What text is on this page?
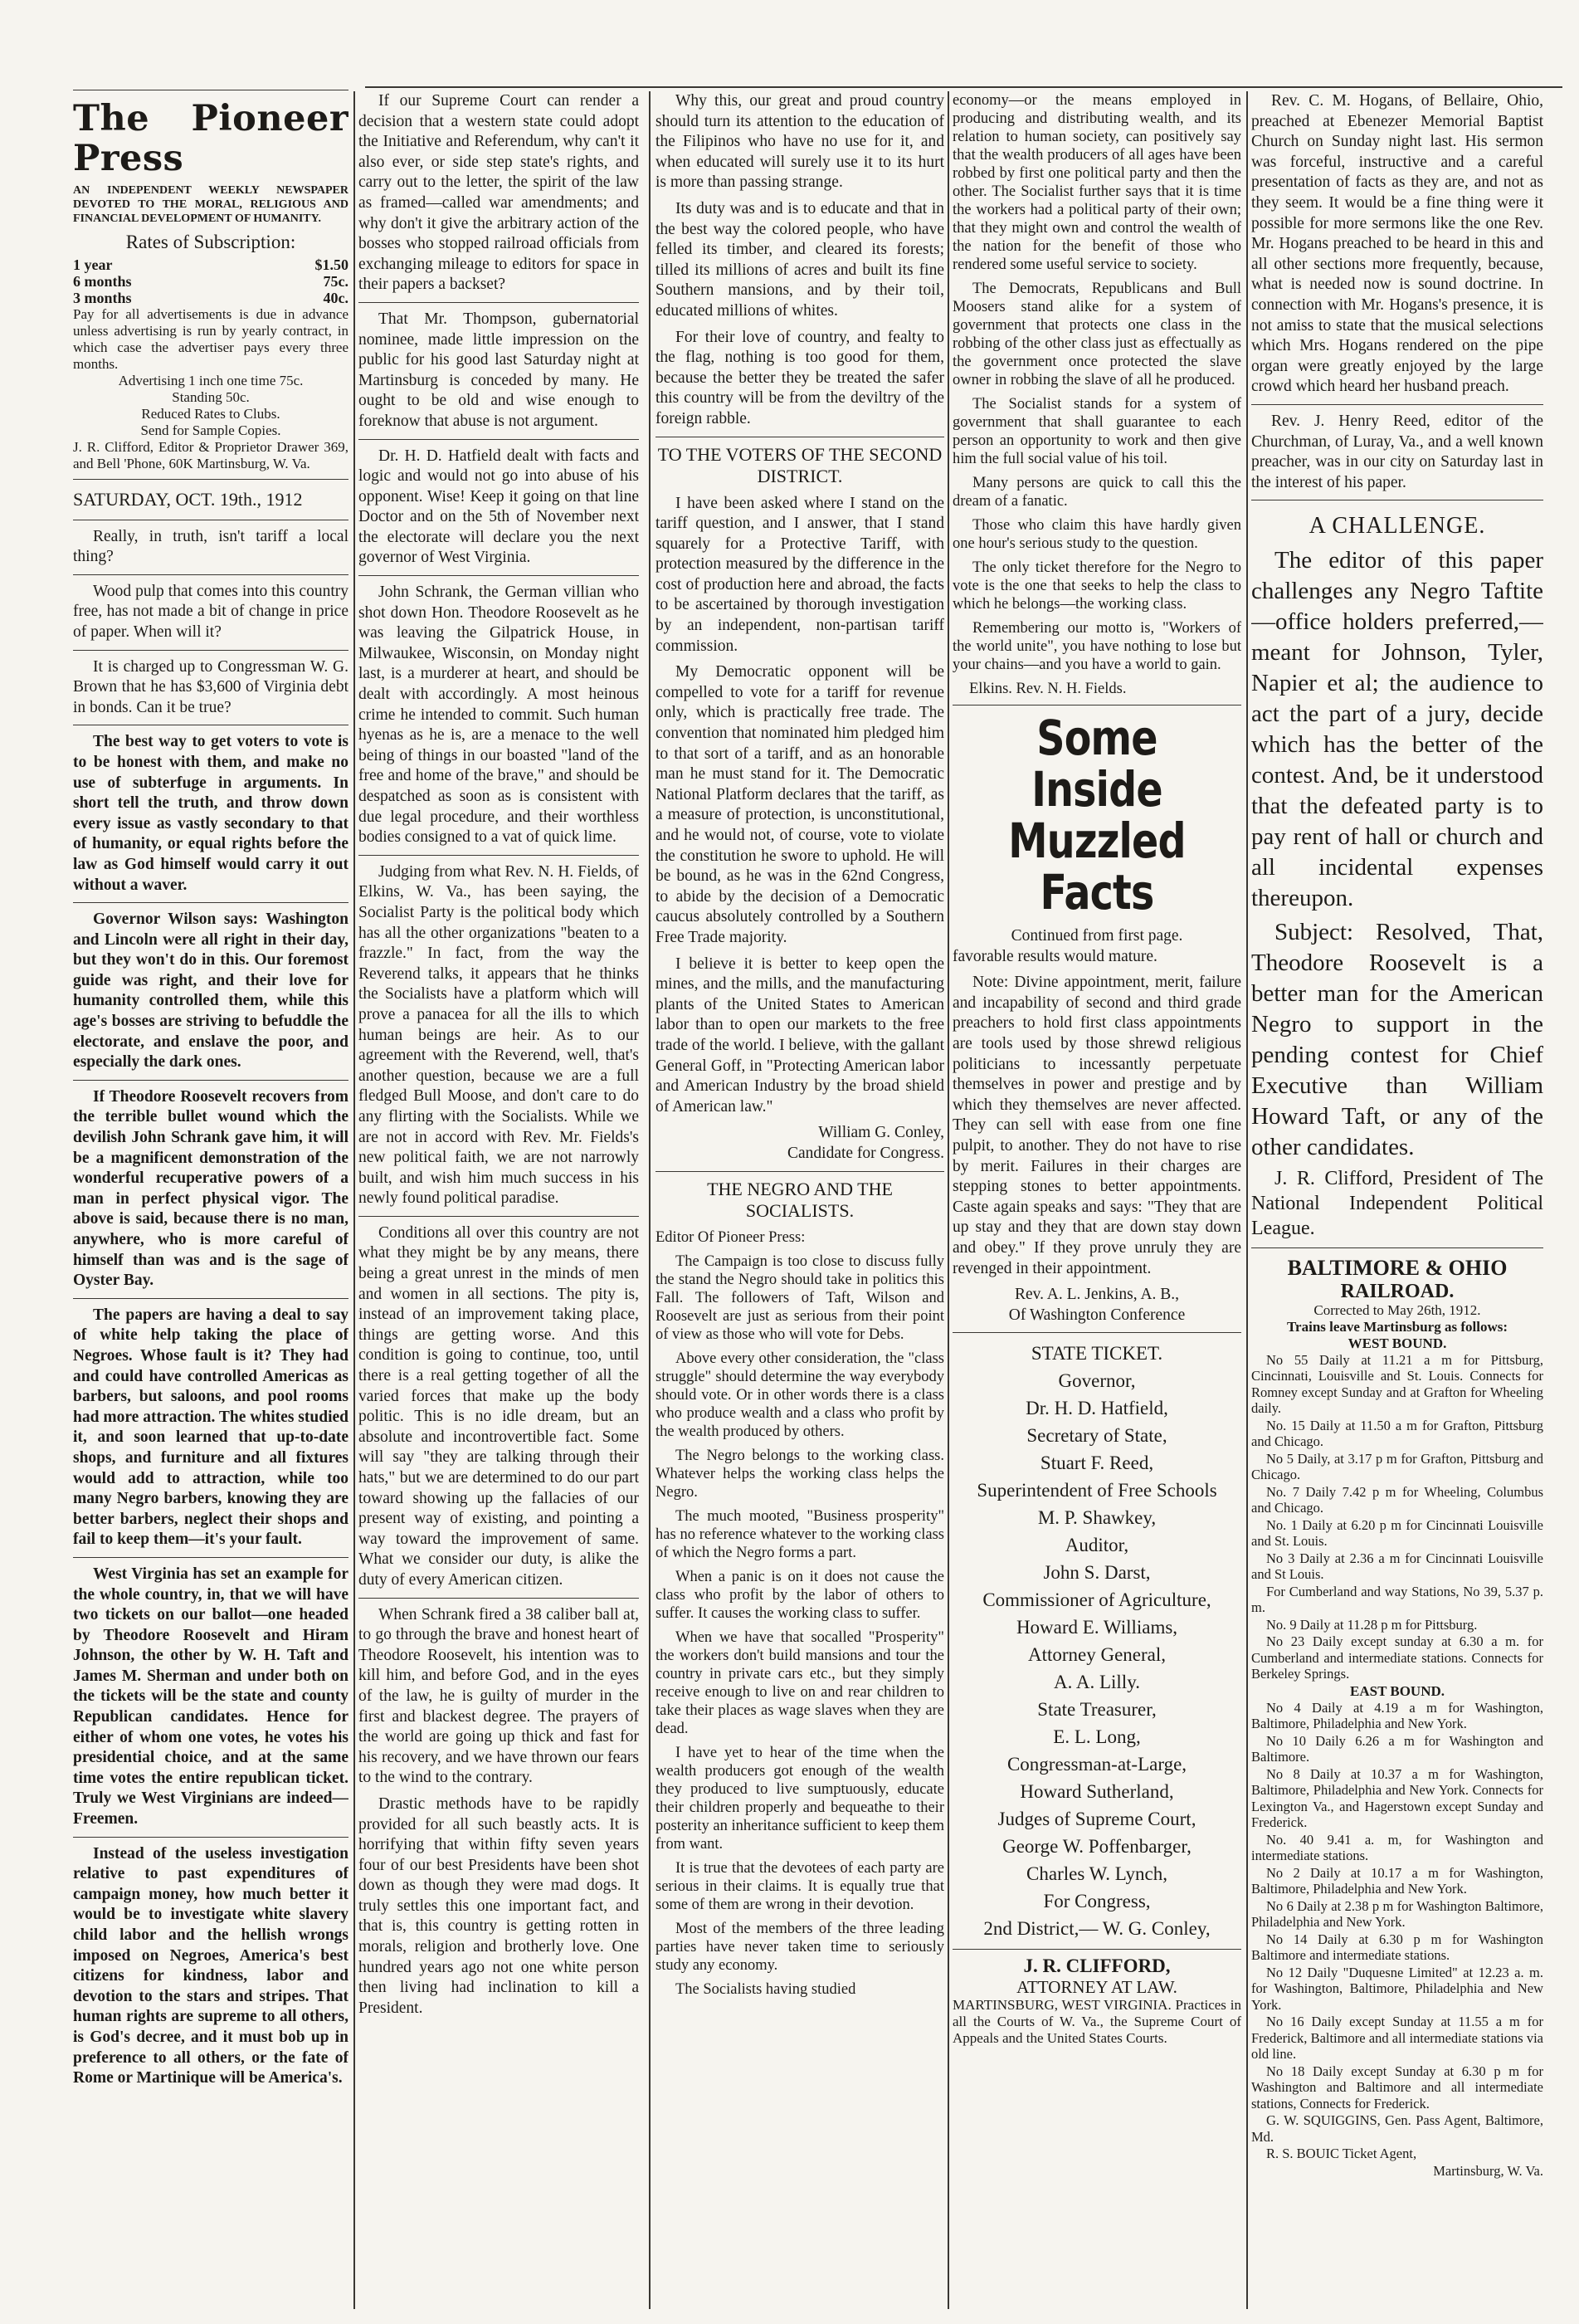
The Pioneer Press
AN INDEPENDENT WEEKLY NEWSPAPER DEVOTED TO THE MORAL, RELIGIOUS AND FINANCIAL DEVELOPMENT OF HUMANITY.
Rates of Subscription:
1 year	$1.50
6 months	75c.
3 months	40c.
Pay for all advertisements is due in advance unless advertising is run by yearly contract, in which case the advertiser pays every three months.
Advertising 1 inch one time 75c.
Standing 50c.
Reduced Rates to Clubs.
Send for Sample Copies.
J. R. Clifford, Editor & Proprietor Drawer 369, and Bell 'Phone, 60K Martinsburg, W. Va.
SATURDAY, OCT. 19th., 1912

Really, in truth, isn't tariff a local thing?

Wood pulp that comes into this country free, has not made a bit of change in price of paper. When will it?

It is charged up to Congressman W. G. Brown that he has $3,600 of Virginia debt in bonds. Can it be true?

The best way to get voters to vote is to be honest with them, and make no use of subterfuge in arguments. In short tell the truth, and throw down every issue as vastly secondary to that of humanity, or equal rights before the law as God himself would carry it out without a waver.

Governor Wilson says: Washington and Lincoln were all right in their day, but they won't do in this. Our foremost guide was right, and their love for humanity controlled them, while this age's bosses are striving to befuddle the electorate, and enslave the poor, and especially the dark ones.

If Theodore Roosevelt recovers from the terrible bullet wound which the devilish John Schrank gave him, it will be a magnificent demonstration of the wonderful recuperative powers of a man in perfect physical vigor. The above is said, because there is no man, anywhere, who is more careful of himself than was and is the sage of Oyster Bay.

The papers are having a deal to say of white help taking the place of Negroes. Whose fault is it? They had and could have controlled Americas as barbers, but saloons, and pool rooms had more attraction. The whites studied it, and soon learned that up-to-date shops, and furniture and all fixtures would add to attraction, while too many Negro barbers, knowing they are better barbers, neglect their shops and fail to keep them—it's your fault.

West Virginia has set an example for the whole country, in, that we will have two tickets on our ballot—one headed by Theodore Roosevelt and Hiram Johnson, the other by W. H. Taft and James M. Sherman and under both on the tickets will be the state and county Republican candidates. Hence for either of whom one votes, he votes his presidential choice, and at the same time votes the entire republican ticket. Truly we West Virginians are indeed—Freemen.

Instead of the useless investigation relative to past expenditures of campaign money, how much better it would be to investigate white slavery child labor and the hellish wrongs imposed on Negroes, America's best citizens for kindness, labor and devotion to the stars and stripes. That human rights are supreme to all others, is God's decree, and it must bob up in preference to all others, or the fate of Rome or Martinique will be America's.

If our Supreme Court can render a decision that a western state could adopt the Initiative and Referendum, why can't it also ever, or side step state's rights, and carry out to the letter, the spirit of the law as framed—called war amendments; and why don't it give the arbitrary action of the bosses who stopped railroad officials from exchanging mileage to editors for space in their papers a backset?

That Mr. Thompson, gubernatorial nominee, made little impression on the public for his good last Saturday night at Martinsburg is conceded by many. He ought to be old and wise enough to foreknow that abuse is not argument.

Dr. H. D. Hatfield dealt with facts and logic and would not go into abuse of his opponent. Wise! Keep it going on that line Doctor and on the 5th of November next the electorate will declare you the next governor of West Virginia.

John Schrank, the German villian who shot down Hon. Theodore Roosevelt as he was leaving the Gilpatrick House, in Milwaukee, Wisconsin, on Monday night last, is a murderer at heart, and should be dealt with accordingly. A most heinous crime he intended to commit. Such human hyenas as he is, are a menace to the well being of things in our boasted "land of the free and home of the brave," and should be despatched as soon as is consistent with due legal procedure, and their worthless bodies consigned to a vat of quick lime.

Judging from what Rev. N. H. Fields, of Elkins, W. Va., has been saying, the Socialist Party is the political body which has all the other organizations "beaten to a frazzle." In fact, from the way the Reverend talks, it appears that he thinks the Socialists have a platform which will prove a panacea for all the ills to which human beings are heir. As to our agreement with the Reverend, well, that's another question, because we are a full fledged Bull Moose, and don't care to do any flirting with the Socialists. While we are not in accord with Rev. Mr. Fields's new political faith, we are not narrowly built, and wish him much success in his newly found political paradise.

Conditions all over this country are not what they might be by any means, there being a great unrest in the minds of men and women in all sections. The pity is, instead of an improvement taking place, things are getting worse. And this condition is going to continue, too, until there is a real getting together of all the varied forces that make up the body politic. This is no idle dream, but an absolute and incontrovertible fact. Some will say "they are talking through their hats," but we are determined to do our part toward showing up the fallacies of our present way of existing, and pointing a way toward the improvement of same. What we consider our duty, is alike the duty of every American citizen.

When Schrank fired a 38 caliber ball at, to go through the brave and honest heart of Theodore Roosevelt, his intention was to kill him, and before God, and in the eyes of the law, he is guilty of murder in the first and blackest degree. The prayers of the world are going up thick and fast for his recovery, and we have thrown our fears to the wind to the contrary.

Drastic methods have to be rapidly provided for all such beastly acts. It is horrifying that within fifty seven years four of our best Presidents have been shot down as though they were mad dogs. It truly settles this one important fact, and that is, this country is getting rotten in morals, religion and brotherly love. One hundred years ago not one white person then living had inclination to kill a President.

Why this, our great and proud country should turn its attention to the education of the Filipinos who have no use for it, and when educated will surely use it to its hurt is more than passing strange.

Its duty was and is to educate and that in the best way the colored people, who have felled its timber, and cleared its forests; tilled its millions of acres and built its fine Southern mansions, and by their toil, educated millions of whites.

For their love of country, and fealty to the flag, nothing is too good for them, because the better they be treated the safer this country will be from the deviltry of the foreign rabble.

TO THE VOTERS OF THE SECOND DISTRICT.

I have been asked where I stand on the tariff question, and I answer, that I stand squarely for a Protective Tariff, with protection measured by the difference in the cost of production here and abroad, the facts to be ascertained by thorough investigation by an independent, non-partisan tariff commission.

My Democratic opponent will be compelled to vote for a tariff for revenue only, which is practically free trade. The convention that nominated him pledged him to that sort of a tariff, and as an honorable man he must stand for it. The Democratic National Platform declares that the tariff, as a measure of protection, is unconstitutional, and he would not, of course, vote to violate the constitution he swore to uphold. He will be bound, as he was in the 62nd Congress, to abide by the decision of a Democratic caucus absolutely controlled by a Southern Free Trade majority.

I believe it is better to keep open the mines, and the mills, and the manufacturing plants of the United States to American labor than to open our markets to the free trade of the world. I believe, with the gallant General Goff, in "Protecting American labor and American Industry by the broad shield of American law."

William G. Conley,
Candidate for Congress.
THE NEGRO AND THE SOCIALISTS.

Editor Of Pioneer Press:

The Campaign is too close to discuss fully the stand the Negro should take in politics this Fall. The followers of Taft, Wilson and Roosevelt are just as serious from their point of view as those who will vote for Debs.

Above every other consideration, the "class struggle" should determine the way everybody should vote. Or in other words there is a class who produce wealth and a class who profit by the wealth produced by others.

The Negro belongs to the working class. Whatever helps the working class helps the Negro.

The much mooted, "Business prosperity" has no reference whatever to the working class of which the Negro forms a part.

When a panic is on it does not cause the class who profit by the labor of others to suffer. It causes the working class to suffer.

When we have that socalled "Prosperity" the workers don't build mansions and tour the country in private cars etc., but they simply receive enough to live on and rear children to take their places as wage slaves when they are dead.

I have yet to hear of the time when the wealth producers got enough of the wealth they produced to live sumptuously, educate their children properly and bequeathe to their posterity an inheritance sufficient to keep them from want.

It is true that the devotees of each party are serious in their claims. It is equally true that some of them are wrong in their devotion.

Most of the members of the three leading parties have never taken time to seriously study any economy.

The Socialists having studied

economy—or the means employed in producing and distributing wealth, and its relation to human society, can positively say that the wealth producers of all ages have been robbed by first one political party and then the other. The Socialist further says that it is time the workers had a political party of their own; that they might own and control the wealth of the nation for the benefit of those who rendered some useful service to society.

The Democrats, Republicans and Bull Moosers stand alike for a system of government that protects one class in the robbing of the other class just as effectually as the government once protected the slave owner in robbing the slave of all he produced.

The Socialist stands for a system of government that shall guarantee to each person an opportunity to work and then give him the full social value of his toil.

Many persons are quick to call this the dream of a fanatic.

Those who claim this have hardly given one hour's serious study to the question.

The only ticket therefore for the Negro to vote is the one that seeks to help the class to which he belongs—the working class.

Remembering our motto is, "Workers of the world unite", you have nothing to lose but your chains—and you have a world to gain.

Elkins. Rev. N. H. Fields.
Some Inside
Muzzled Facts
Continued from first page.

favorable results would mature.

Note: Divine appointment, merit, failure and incapability of second and third grade preachers to hold first class appointments are tools used by those shrewd religious politicians to incessantly perpetuate themselves in power and prestige and by which they themselves are never affected. They can sell with ease from one fine pulpit, to another. They do not have to rise by merit. Failures in their charges are stepping stones to better appointments. Caste again speaks and says: "They that are up stay and they that are down stay down and obey." If they prove unruly they are revenged in their appointment.

Rev. A. L. Jenkins, A. B.,
Of Washington Conference
STATE TICKET.
Governor,
Dr. H. D. Hatfield,
Secretary of State,
Stuart F. Reed,
Superintendent of Free Schools
M. P. Shawkey,
Auditor,
John S. Darst,
Commissioner of Agriculture,
Howard E. Williams,
Attorney General,
A. A. Lilly.
State Treasurer,
E. L. Long,
Congressman-at-Large,
Howard Sutherland,
Judges of Supreme Court,
George W. Poffenbarger,
Charles W. Lynch,
For Congress,
2nd District,— W. G. Conley,
J. R. CLIFFORD,
ATTORNEY AT LAW.
MARTINSBURG, WEST VIRGINIA. Practices in all the Courts of W. Va., the Supreme Court of Appeals and the United States Courts.

Rev. C. M. Hogans, of Bellaire, Ohio, preached at Ebenezer Memorial Baptist Church on Sunday night last. His sermon was forceful, instructive and a careful presentation of facts as they are, and not as they seem. It would be a fine thing were it possible for more sermons like the one Rev. Mr. Hogans preached to be heard in this and all other sections more frequently, because, what is needed now is sound doctrine. In connection with Mr. Hogans's presence, it is not amiss to state that the musical selections which Mrs. Hogans rendered on the pipe organ were greatly enjoyed by the large crowd which heard her husband preach.

Rev. J. Henry Reed, editor of the Churchman, of Luray, Va., and a well known preacher, was in our city on Saturday last in the interest of his paper.

A CHALLENGE.

The editor of this paper challenges any Negro Taftite—office holders preferred,—meant for Johnson, Tyler, Napier et al; the audience to act the part of a jury, decide which has the better of the contest. And, be it understood that the defeated party is to pay rent of hall or church and all incidental expenses thereupon.

Subject: Resolved, That, Theodore Roosevelt is a better man for the American Negro to support in the pending contest for Chief Executive than William Howard Taft, or any of the other candidates.

J. R. Clifford, President of The National Independent Political League.

BALTIMORE & OHIO
RAILROAD.
Corrected to May 26th, 1912.
Trains leave Martinsburg as follows:
WEST BOUND.
No 55 Daily at 11.21 a m for Pittsburg, Cincinnati, Louisville and St. Louis. Connects for Romney except Sunday and at Grafton for Wheeling daily.
No. 15 Daily at 11.50 a m for Grafton, Pittsburg and Chicago.
No 5 Daily, at 3.17 p m for Grafton, Pittsburg and Chicago.
No. 7 Daily 7.42 p m for Wheeling, Columbus and Chicago.
No. 1 Daily at 6.20 p m for Cincinnati Louisville and St. Louis.
No 3 Daily at 2.36 a m for Cincinnati Louisville and St Louis.
For Cumberland and way Stations, No 39, 5.37 p. m.
No. 9 Daily at 11.28 p m for Pittsburg.
No 23 Daily except sunday at 6.30 a m. for Cumberland and intermediate stations. Connects for Berkeley Springs.
EAST BOUND.
No 4 Daily at 4.19 a m for Washington, Baltimore, Philadelphia and New York.
No 10 Daily 6.26 a m for Washington and Baltimore.
No 8 Daily at 10.37 a m for Washington, Baltimore, Philadelphia and New York. Connects for Lexington Va., and Hagerstown except Sunday and Frederick.
No. 40 9.41 a. m, for Washington and intermediate stations.
No 2 Daily at 10.17 a m for Washington, Baltimore, Philadelphia and New York.
No 6 Daily at 2.38 p m for Washington Baltimore, Philadelphia and New York.
No 14 Daily at 6.30 p m for Washington Baltimore and intermediate stations.
No 12 Daily "Duquesne Limited" at 12.23 a. m. for Washington, Baltimore, Philadelphia and New York.
No 16 Daily except Sunday at 11.55 a m for Frederick, Baltimore and all intermediate stations via old line.
No 18 Daily except Sunday at 6.30 p m for Washington and Baltimore and all intermediate stations, Connects for Frederick.
G. W. SQUIGGINS, Gen. Pass Agent, Baltimore, Md.
R. S. BOUIC Ticket Agent,
Martinsburg, W. Va.
